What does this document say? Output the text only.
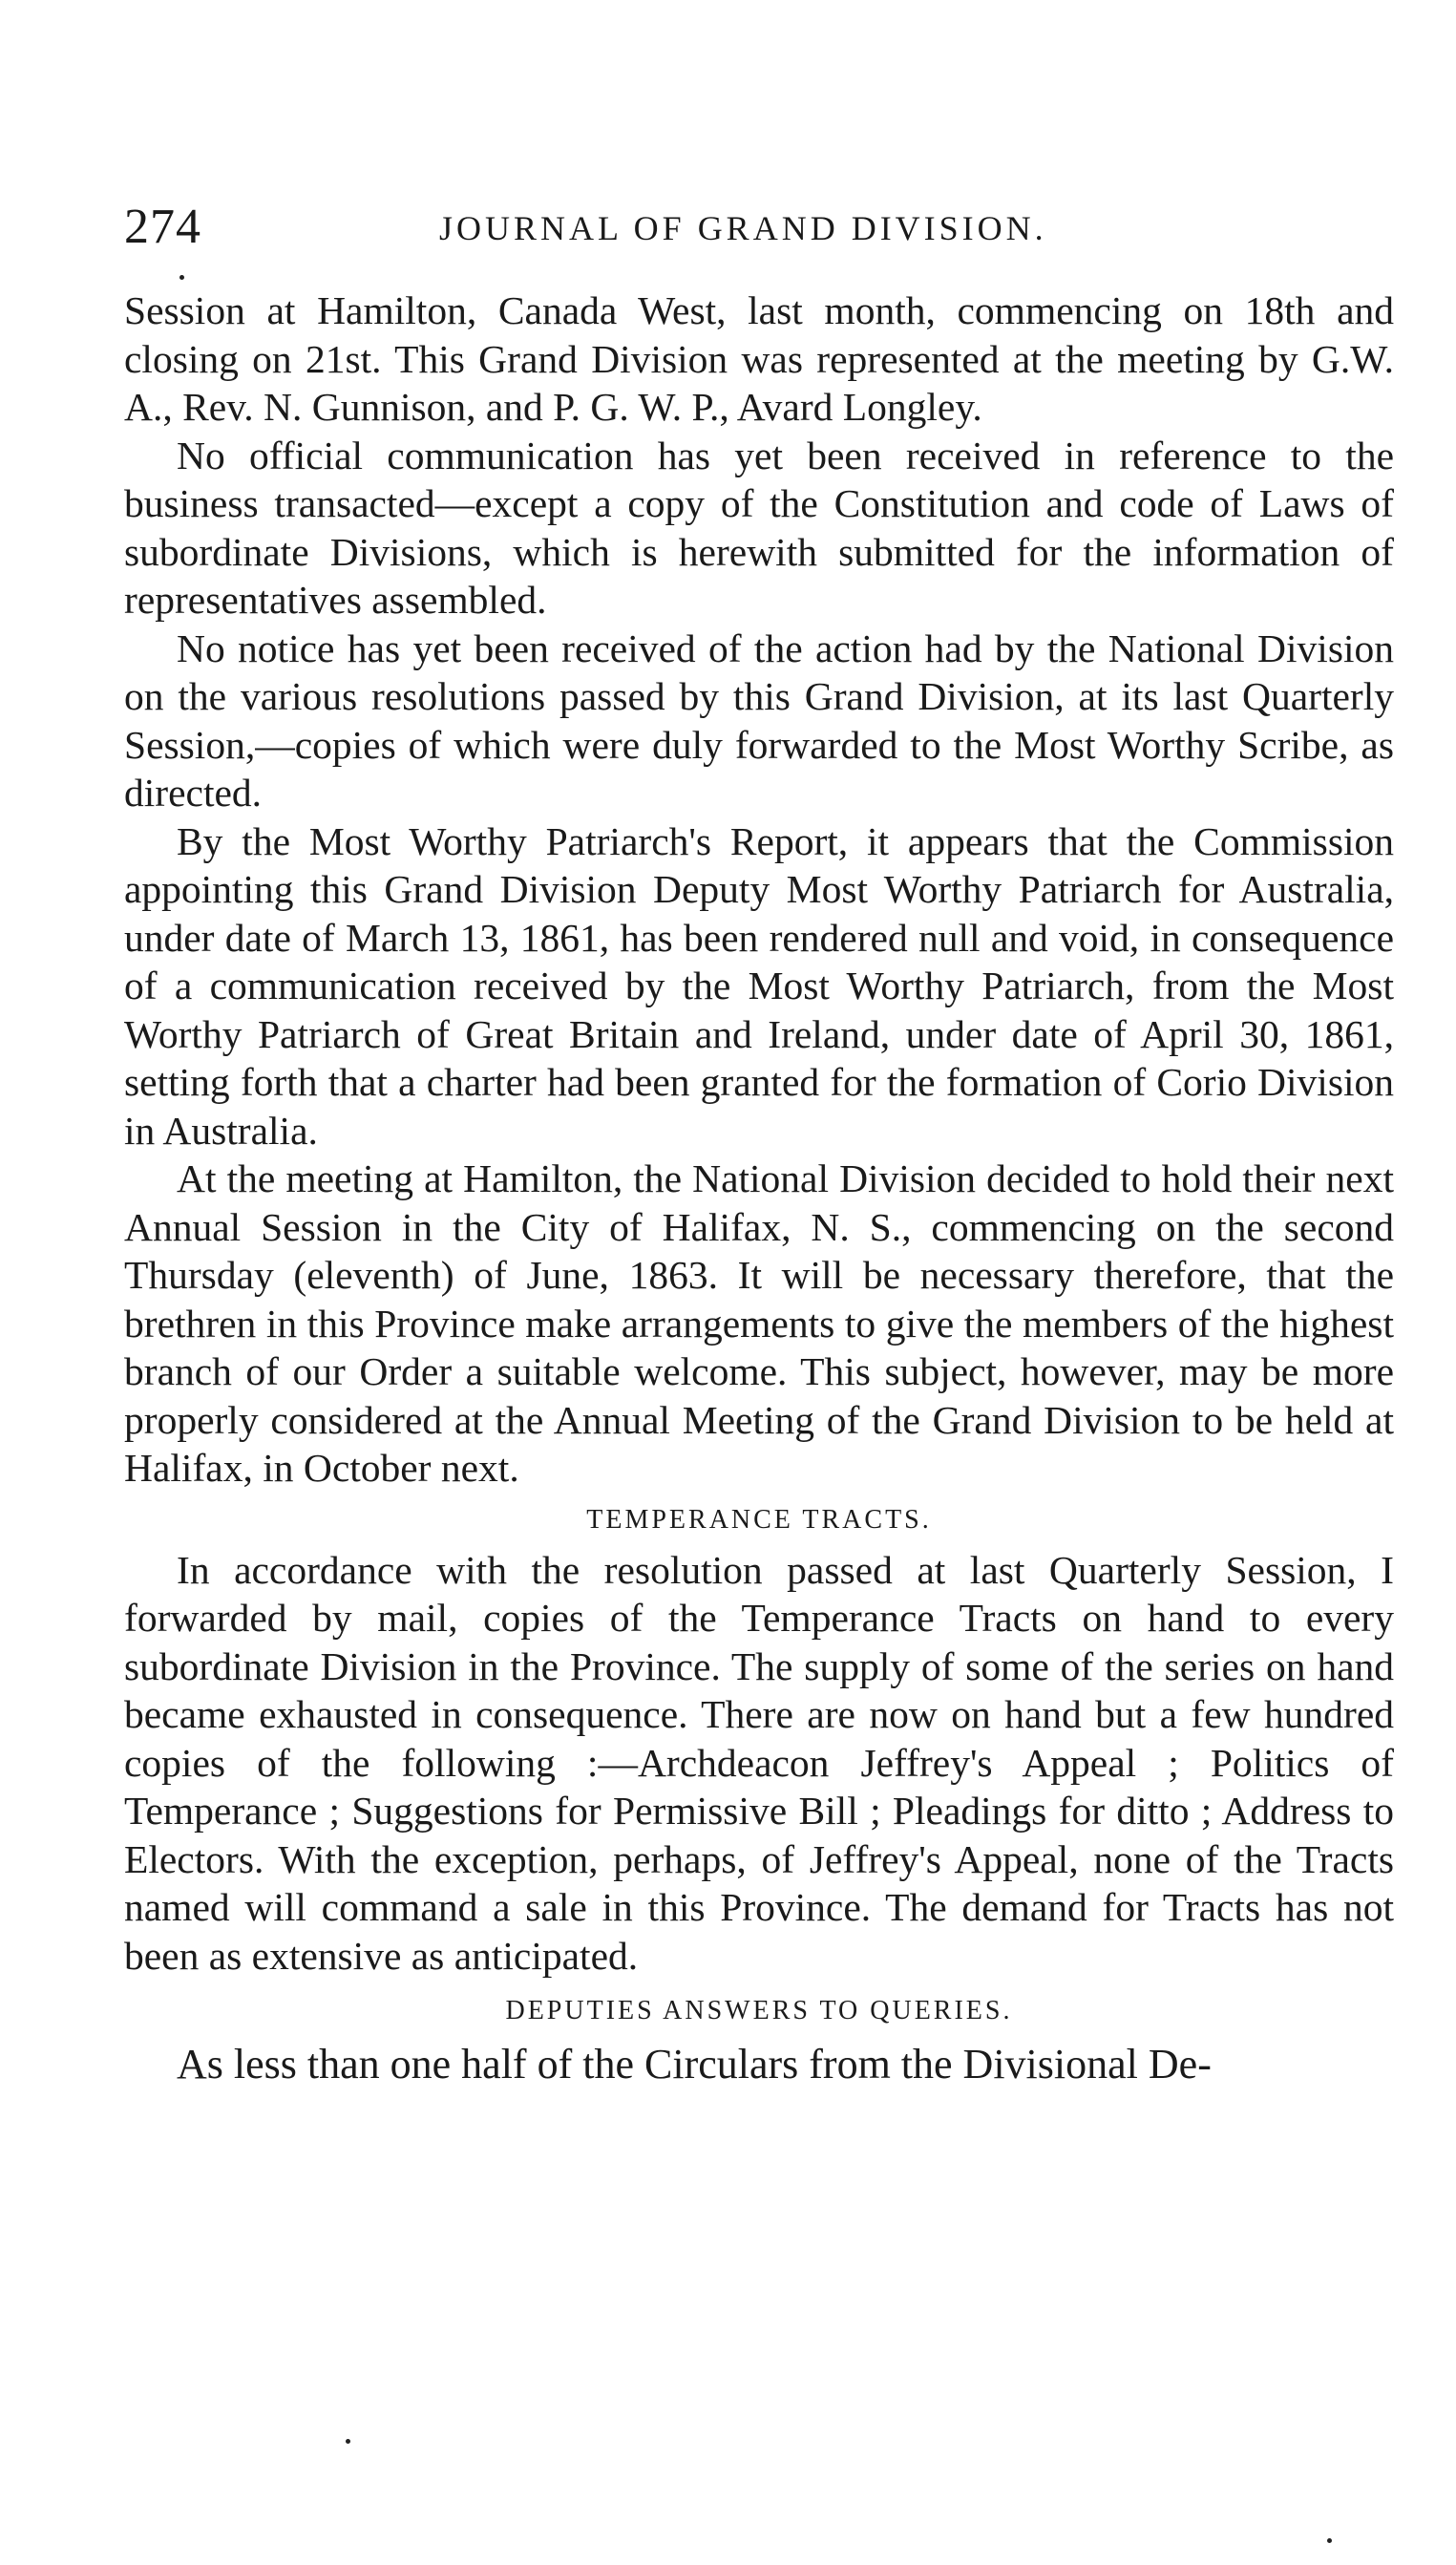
274	JOURNAL OF GRAND DIVISION.

Session at Hamilton, Canada West, last month, commencing on 18th and closing on 21st. This Grand Division was represented at the meeting by G.W. A., Rev. N. Gunnison, and P. G. W. P., Avard Longley.

No official communication has yet been received in reference to the business transacted—except a copy of the Constitution and code of Laws of subordinate Divisions, which is herewith submitted for the information of representatives assembled.

No notice has yet been received of the action had by the National Division on the various resolutions passed by this Grand Division, at its last Quarterly Session,—copies of which were duly forwarded to the Most Worthy Scribe, as directed.

By the Most Worthy Patriarch's Report, it appears that the Commission appointing this Grand Division Deputy Most Worthy Patriarch for Australia, under date of March 13, 1861, has been rendered null and void, in consequence of a communication received by the Most Worthy Patriarch, from the Most Worthy Patriarch of Great Britain and Ireland, under date of April 30, 1861, setting forth that a charter had been granted for the formation of Corio Division in Australia.

At the meeting at Hamilton, the National Division decided to hold their next Annual Session in the City of Halifax, N. S., commencing on the second Thursday (eleventh) of June, 1863. It will be necessary therefore, that the brethren in this Province make arrangements to give the members of the highest branch of our Order a suitable welcome. This subject, however, may be more properly considered at the Annual Meeting of the Grand Division to be held at Halifax, in October next.

TEMPERANCE TRACTS.

In accordance with the resolution passed at last Quarterly Session, I forwarded by mail, copies of the Temperance Tracts on hand to every subordinate Division in the Province. The supply of some of the series on hand became exhausted in consequence. There are now on hand but a few hundred copies of the following :—Archdeacon Jeffrey's Appeal ; Politics of Temperance ; Suggestions for Permissive Bill ; Pleadings for ditto ; Address to Electors. With the exception, perhaps, of Jeffrey's Appeal, none of the Tracts named will command a sale in this Province. The demand for Tracts has not been as extensive as anticipated.

DEPUTIES ANSWERS TO QUERIES.

As less than one half of the Circulars from the Divisional De-
